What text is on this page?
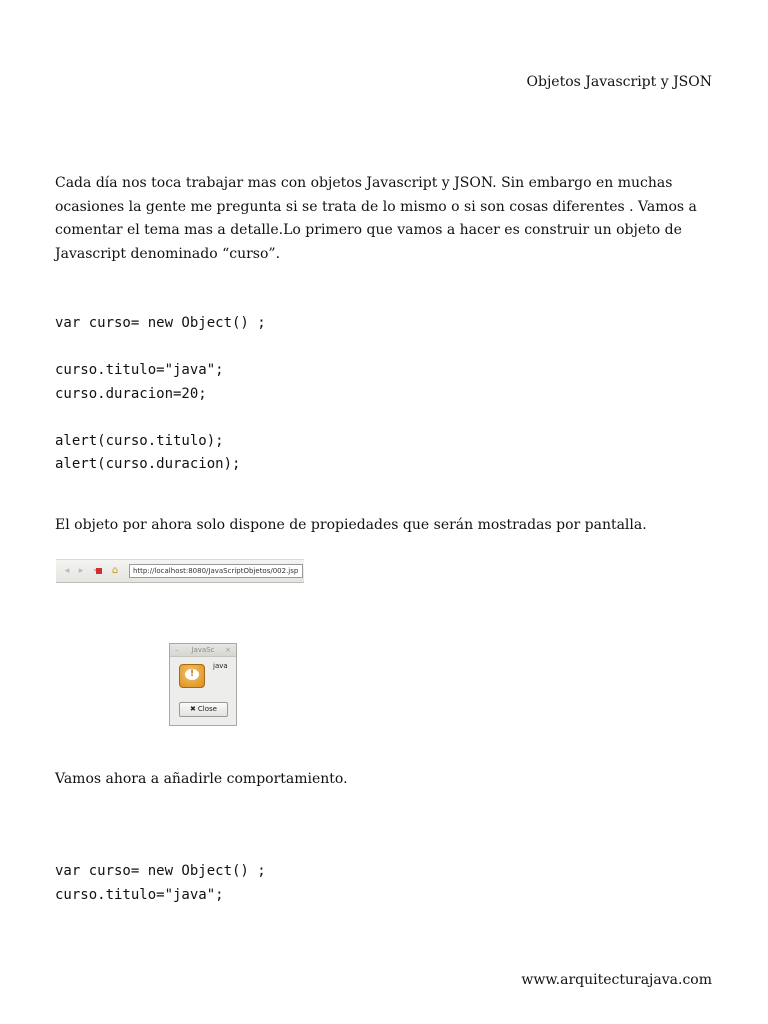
Objetos Javascript y JSON

Cada día nos toca trabajar mas con objetos Javascript y JSON. Sin embargo en muchas ocasiones la gente me pregunta si se trata de lo mismo o si son cosas diferentes . Vamos a comentar el tema mas a detalle.Lo primero que vamos a hacer es construir un objeto de Javascript denominado “curso”.

var curso= new Object() ;
curso.titulo="java";
curso.duracion=20;
alert(curso.titulo);
alert(curso.duracion);

El objeto por ahora solo dispone de propiedades que serán mostradas por pantalla.

◂	▸	▾	⌂	http://localhost:8080/JavaScriptObjetos/002.jsp
– JavaSc ×
!
java
✖ Close

Vamos ahora a añadirle comportamiento.

var curso= new Object() ;
curso.titulo="java";
www.arquitecturajava.com
